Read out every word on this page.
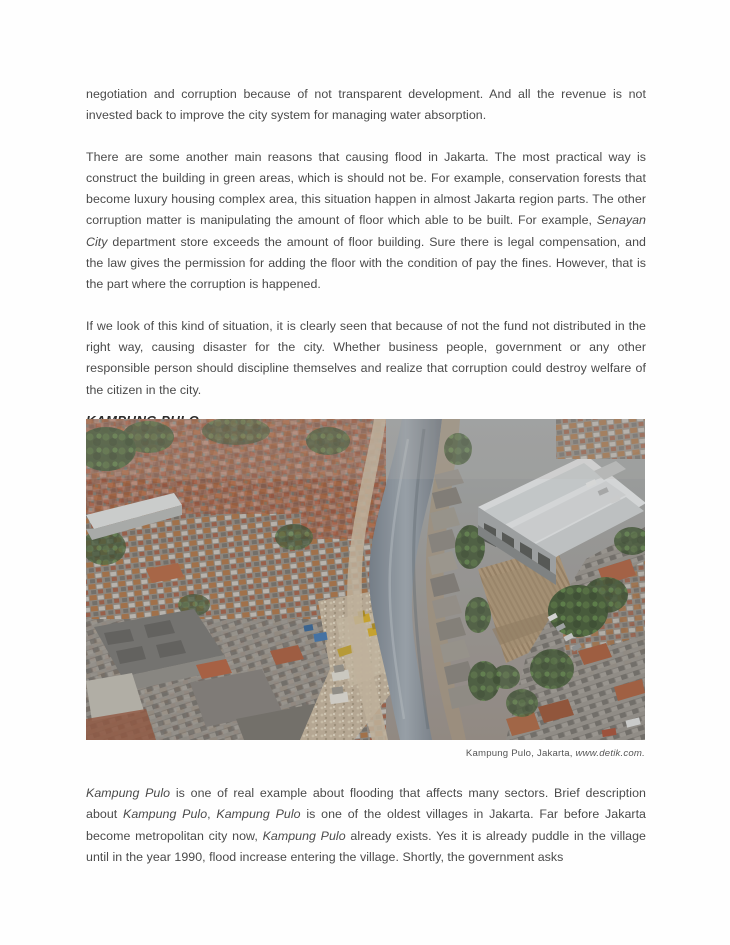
negotiation and corruption because of not transparent development. And all the revenue is not invested back to improve the city system for managing water absorption.

There are some another main reasons that causing flood in Jakarta. The most practical way is construct the building in green areas, which is should not be. For example, conservation forests that become luxury housing complex area, this situation happen in almost Jakarta region parts. The other corruption matter is manipulating the amount of floor which able to be built. For example, Senayan City department store exceeds the amount of floor building. Sure there is legal compensation, and the law gives the permission for adding the floor with the condition of pay the fines. However, that is the part where the corruption is happened.

If we look of this kind of situation, it is clearly seen that because of not the fund not distributed in the right way, causing disaster for the city. Whether business people, government or any other responsible person should discipline themselves and realize that corruption could destroy welfare of the citizen in the city.

Kampung Pulo, Jakarta, www.detik.com.

Kampung Pulo is one of real example about flooding that affects many sectors. Brief description about Kampung Pulo, Kampung Pulo is one of the oldest villages in Jakarta. Far before Jakarta become metropolitan city now, Kampung Pulo already exists. Yes it is already puddle in the village until in the year 1990, flood increase entering the village. Shortly, the government asks
